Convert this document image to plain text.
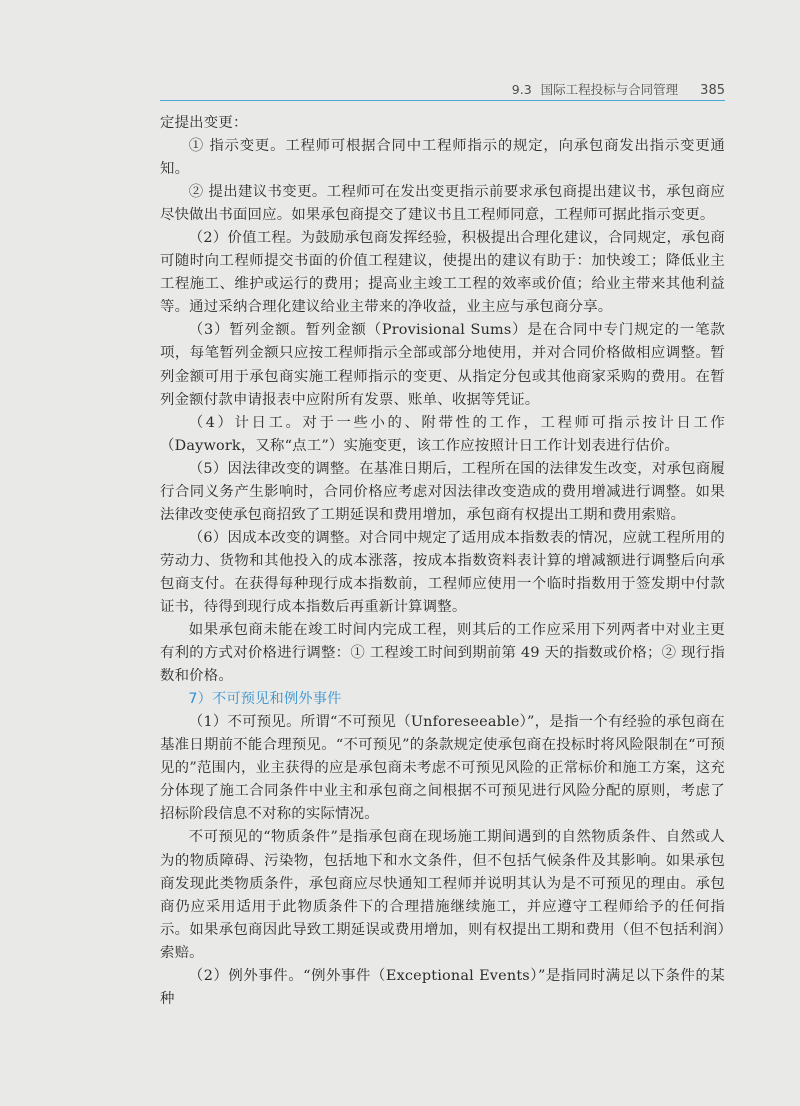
9.3 国际工程投标与合同管理 385

定提出变更：

① 指示变更。工程师可根据合同中工程师指示的规定，向承包商发出指示变更通知。

② 提出建议书变更。工程师可在发出变更指示前要求承包商提出建议书，承包商应尽快做出书面回应。如果承包商提交了建议书且工程师同意，工程师可据此指示变更。

（2）价值工程。为鼓励承包商发挥经验，积极提出合理化建议，合同规定，承包商可随时向工程师提交书面的价值工程建议，使提出的建议有助于：加快竣工；降低业主工程施工、维护或运行的费用；提高业主竣工工程的效率或价值；给业主带来其他利益等。通过采纳合理化建议给业主带来的净收益，业主应与承包商分享。

（3）暂列金额。暂列金额（Provisional Sums）是在合同中专门规定的一笔款项，每笔暂列金额只应按工程师指示全部或部分地使用，并对合同价格做相应调整。暂列金额可用于承包商实施工程师指示的变更、从指定分包或其他商家采购的费用。在暂列金额付款申请报表中应附所有发票、账单、收据等凭证。

（4）计日工。对于一些小的、附带性的工作，工程师可指示按计日工作（Daywork，又称“点工”）实施变更，该工作应按照计日工作计划表进行估价。

（5）因法律改变的调整。在基准日期后，工程所在国的法律发生改变，对承包商履行合同义务产生影响时，合同价格应考虑对因法律改变造成的费用增减进行调整。如果法律改变使承包商招致了工期延误和费用增加，承包商有权提出工期和费用索赔。

（6）因成本改变的调整。对合同中规定了适用成本指数表的情况，应就工程所用的劳动力、货物和其他投入的成本涨落，按成本指数资料表计算的增减额进行调整后向承包商支付。在获得每种现行成本指数前，工程师应使用一个临时指数用于签发期中付款证书，待得到现行成本指数后再重新计算调整。

如果承包商未能在竣工时间内完成工程，则其后的工作应采用下列两者中对业主更有利的方式对价格进行调整：① 工程竣工时间到期前第 49 天的指数或价格；② 现行指数和价格。

7）不可预见和例外事件

（1）不可预见。所谓“不可预见（Unforeseeable）”，是指一个有经验的承包商在基准日期前不能合理预见。“不可预见”的条款规定使承包商在投标时将风险限制在“可预见的”范围内，业主获得的应是承包商未考虑不可预见风险的正常标价和施工方案，这充分体现了施工合同条件中业主和承包商之间根据不可预见进行风险分配的原则，考虑了招标阶段信息不对称的实际情况。

不可预见的“物质条件”是指承包商在现场施工期间遇到的自然物质条件、自然或人为的物质障碍、污染物，包括地下和水文条件，但不包括气候条件及其影响。如果承包商发现此类物质条件，承包商应尽快通知工程师并说明其认为是不可预见的理由。承包商仍应采用适用于此物质条件下的合理措施继续施工，并应遵守工程师给予的任何指示。如果承包商因此导致工期延误或费用增加，则有权提出工期和费用（但不包括利润）索赔。

（2）例外事件。“例外事件（Exceptional Events）”是指同时满足以下条件的某种
